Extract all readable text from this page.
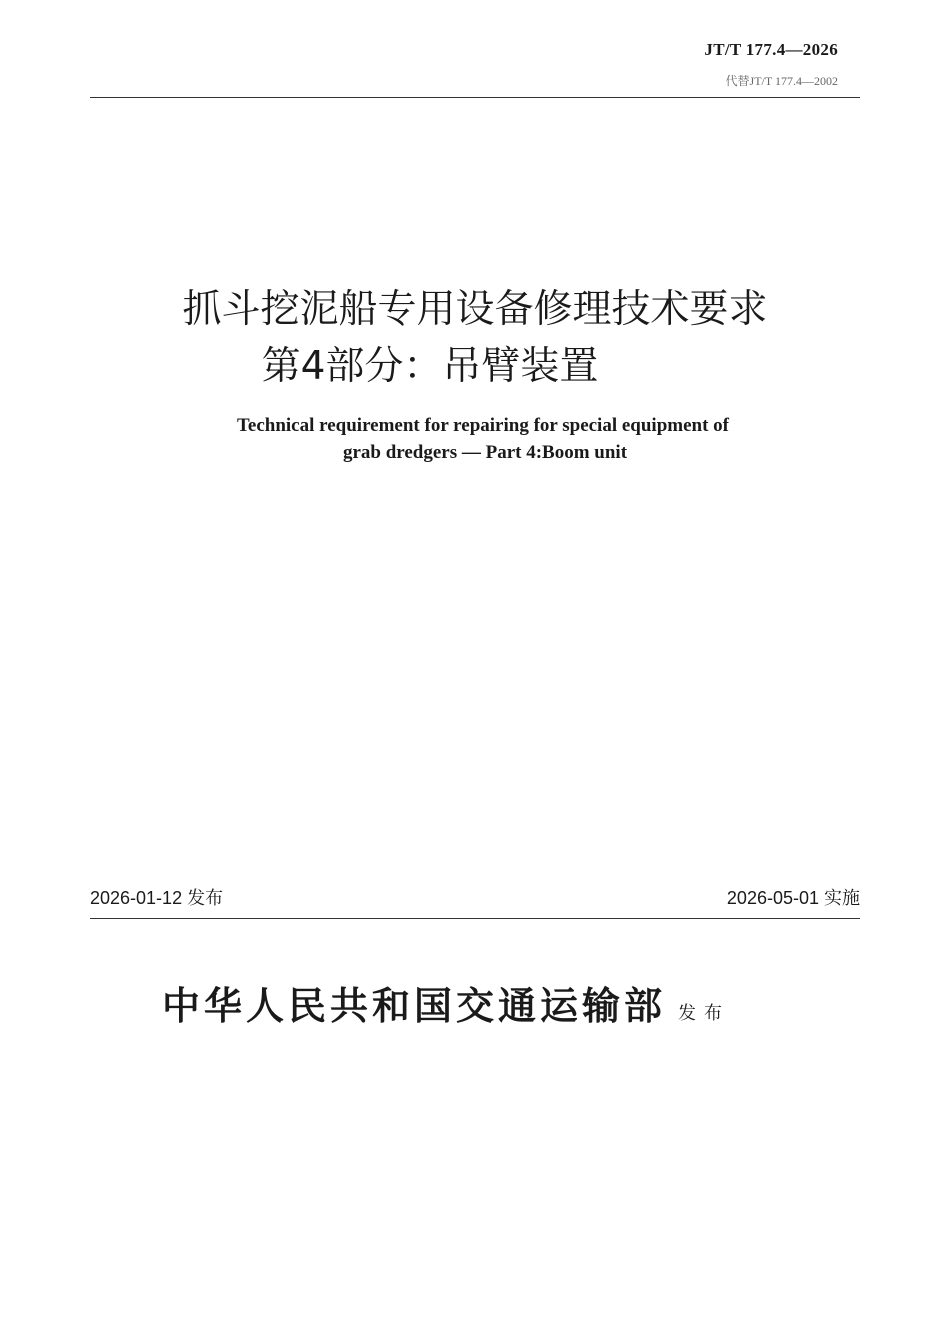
JT/T 177.4—2026
代替JT/T 177.4—2002
抓斗挖泥船专用设备修理技术要求
第4部分：吊臂装置
Technical requirement for repairing for special equipment of
grab dredgers — Part 4:Boom unit
2026-01-12 发布	2026-05-01 实施
中华人民共和国交通运输部 发布
